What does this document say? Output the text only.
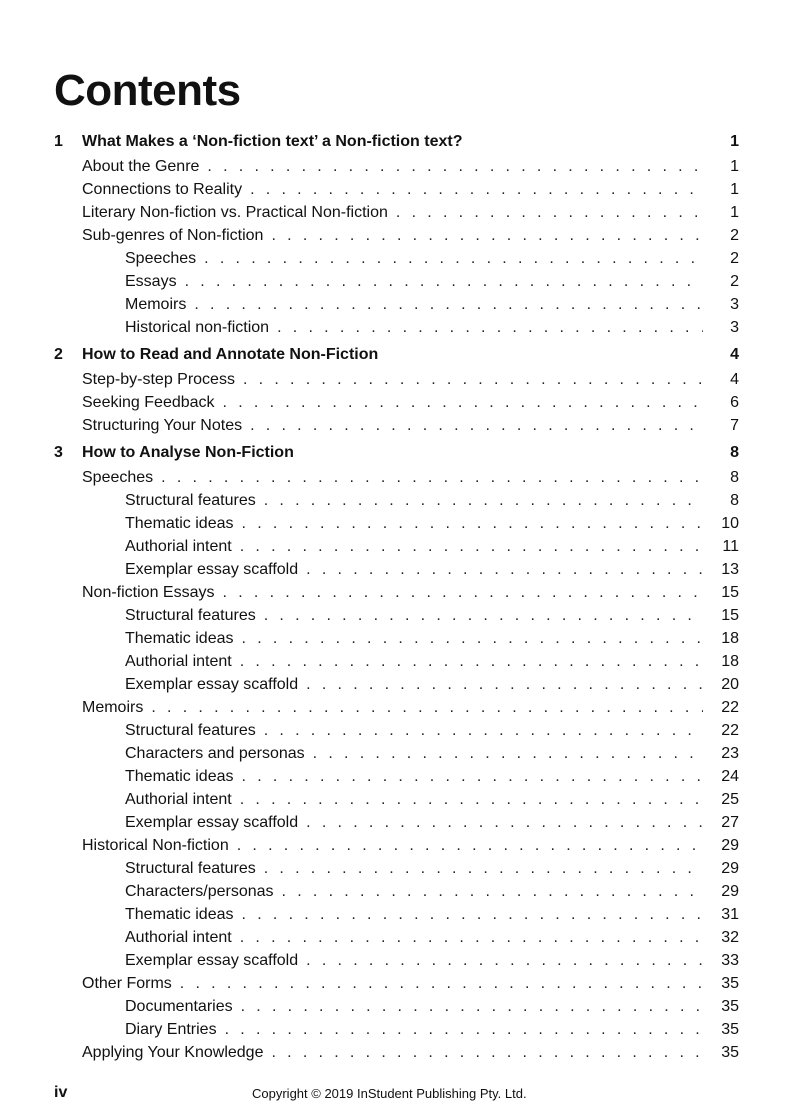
Contents
1	What Makes a ‘Non-fiction text’ a Non-fiction text?	1
About the Genre . . .	1
Connections to Reality . . .	1
Literary Non-fiction vs. Practical Non-fiction . . .	1
Sub-genres of Non-fiction . . .	2
Speeches . . .	2
Essays . . .	2
Memoirs . . .	3
Historical non-fiction . . .	3
2	How to Read and Annotate Non-Fiction	4
Step-by-step Process . . .	4
Seeking Feedback . . .	6
Structuring Your Notes . . .	7
3	How to Analyse Non-Fiction	8
Speeches . . .	8
Structural features . . .	8
Thematic ideas . . .	10
Authorial intent . . .	11
Exemplar essay scaffold . . .	13
Non-fiction Essays . . .	15
Structural features . . .	15
Thematic ideas . . .	18
Authorial intent . . .	18
Exemplar essay scaffold . . .	20
Memoirs . . .	22
Structural features . . .	22
Characters and personas . . .	23
Thematic ideas . . .	24
Authorial intent . . .	25
Exemplar essay scaffold . . .	27
Historical Non-fiction . . .	29
Structural features . . .	29
Characters/personas . . .	29
Thematic ideas . . .	31
Authorial intent . . .	32
Exemplar essay scaffold . . .	33
Other Forms . . .	35
Documentaries . . .	35
Diary Entries . . .	35
Applying Your Knowledge . . .	35
iv	Copyright © 2019 InStudent Publishing Pty. Ltd.
